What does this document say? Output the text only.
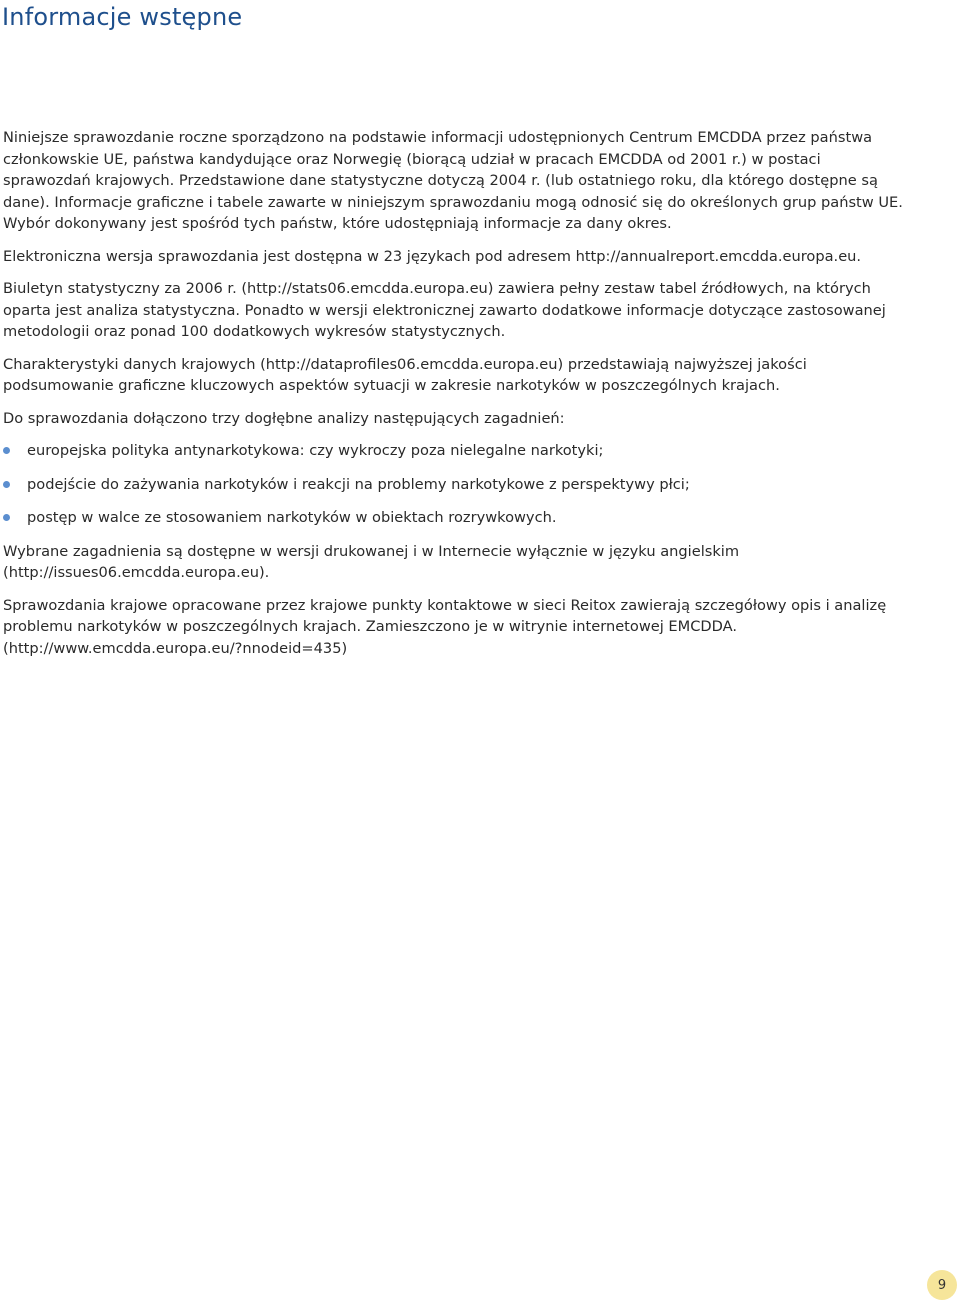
Informacje wstępne

Niniejsze sprawozdanie roczne sporządzono na podstawie informacji udostępnionych Centrum EMCDDA przez państwa członkowskie UE, państwa kandydujące oraz Norwegię (biorącą udział w pracach EMCDDA od 2001 r.) w postaci sprawozdań krajowych. Przedstawione dane statystyczne dotyczą 2004 r. (lub ostatniego roku, dla którego dostępne są dane). Informacje graficzne i tabele zawarte w niniejszym sprawozdaniu mogą odnosić się do określonych grup państw UE. Wybór dokonywany jest spośród tych państw, które udostępniają informacje za dany okres.

Elektroniczna wersja sprawozdania jest dostępna w 23 językach pod adresem http://annualreport.emcdda.europa.eu.

Biuletyn statystyczny za 2006 r. (http://stats06.emcdda.europa.eu) zawiera pełny zestaw tabel źródłowych, na których oparta jest analiza statystyczna. Ponadto w wersji elektronicznej zawarto dodatkowe informacje dotyczące zastosowanej metodologii oraz ponad 100 dodatkowych wykresów statystycznych.

Charakterystyki danych krajowych (http://dataprofiles06.emcdda.europa.eu) przedstawiają najwyższej jakości podsumowanie graficzne kluczowych aspektów sytuacji w zakresie narkotyków w poszczególnych krajach.

Do sprawozdania dołączono trzy dogłębne analizy następujących zagadnień:

europejska polityka antynarkotykowa: czy wykroczy poza nielegalne narkotyki;
podejście do zażywania narkotyków i reakcji na problemy narkotykowe z perspektywy płci;
postęp w walce ze stosowaniem narkotyków w obiektach rozrywkowych.

Wybrane zagadnienia są dostępne w wersji drukowanej i w Internecie wyłącznie w języku angielskim (http://issues06.emcdda.europa.eu).

Sprawozdania krajowe opracowane przez krajowe punkty kontaktowe w sieci Reitox zawierają szczegółowy opis i analizę problemu narkotyków w poszczególnych krajach. Zamieszczono je w witrynie internetowej EMCDDA. (http://www.emcdda.europa.eu/?nnodeid=435)

9
